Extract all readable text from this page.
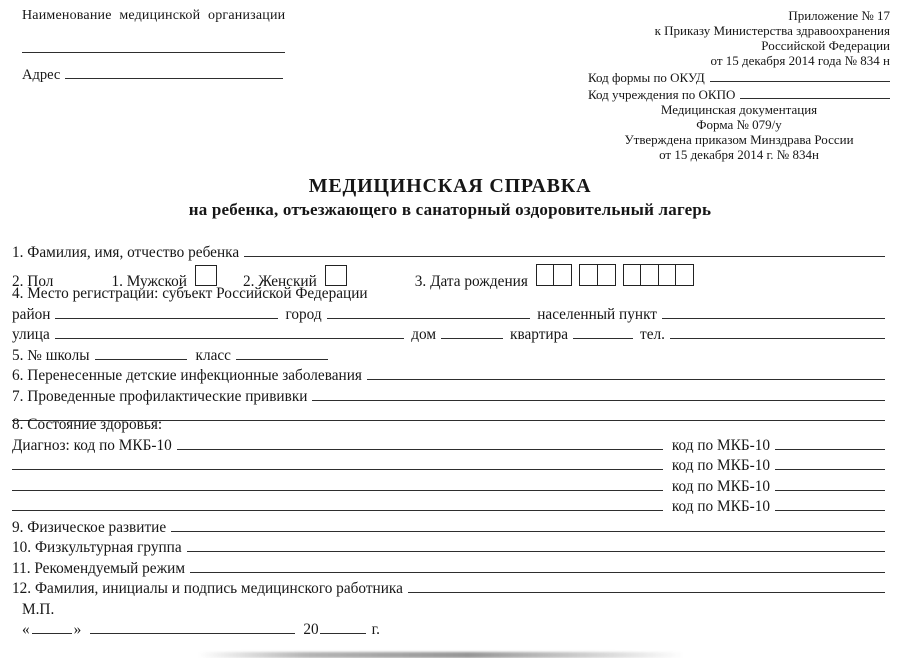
Наименование медицинской организации
Адрес
Приложение № 17
к Приказу Министерства здравоохранения
Российской Федерации
от 15 декабря 2014 года № 834 н
Код формы по ОКУД
Код учреждения по ОКПО
Медицинская документация
Форма № 079/у
Утверждена приказом Минздрава России
от 15 декабря 2014 г. № 834н
МЕДИЦИНСКАЯ СПРАВКА
на ребенка, отъезжающего в санаторный оздоровительный лагерь
1. Фамилия, имя, отчество ребенка
2. Пол	1. Мужской	2. Женский	3. Дата рождения
4. Место регистрации: субъект Российской Федерации
район	город	населенный пункт
улица	дом	квартира	тел.
5. № школы	класс
6. Перенесенные детские инфекционные заболевания
7. Проведенные профилактические прививки
8. Состояние здоровья:
Диагноз: код по МКБ-10	код по МКБ-10
код по МКБ-10
код по МКБ-10
код по МКБ-10
9. Физическое развитие
10. Физкультурная группа
11. Рекомендуемый режим
12. Фамилия, инициалы и подпись медицинского работника
М.П.
«	»	20	г.
